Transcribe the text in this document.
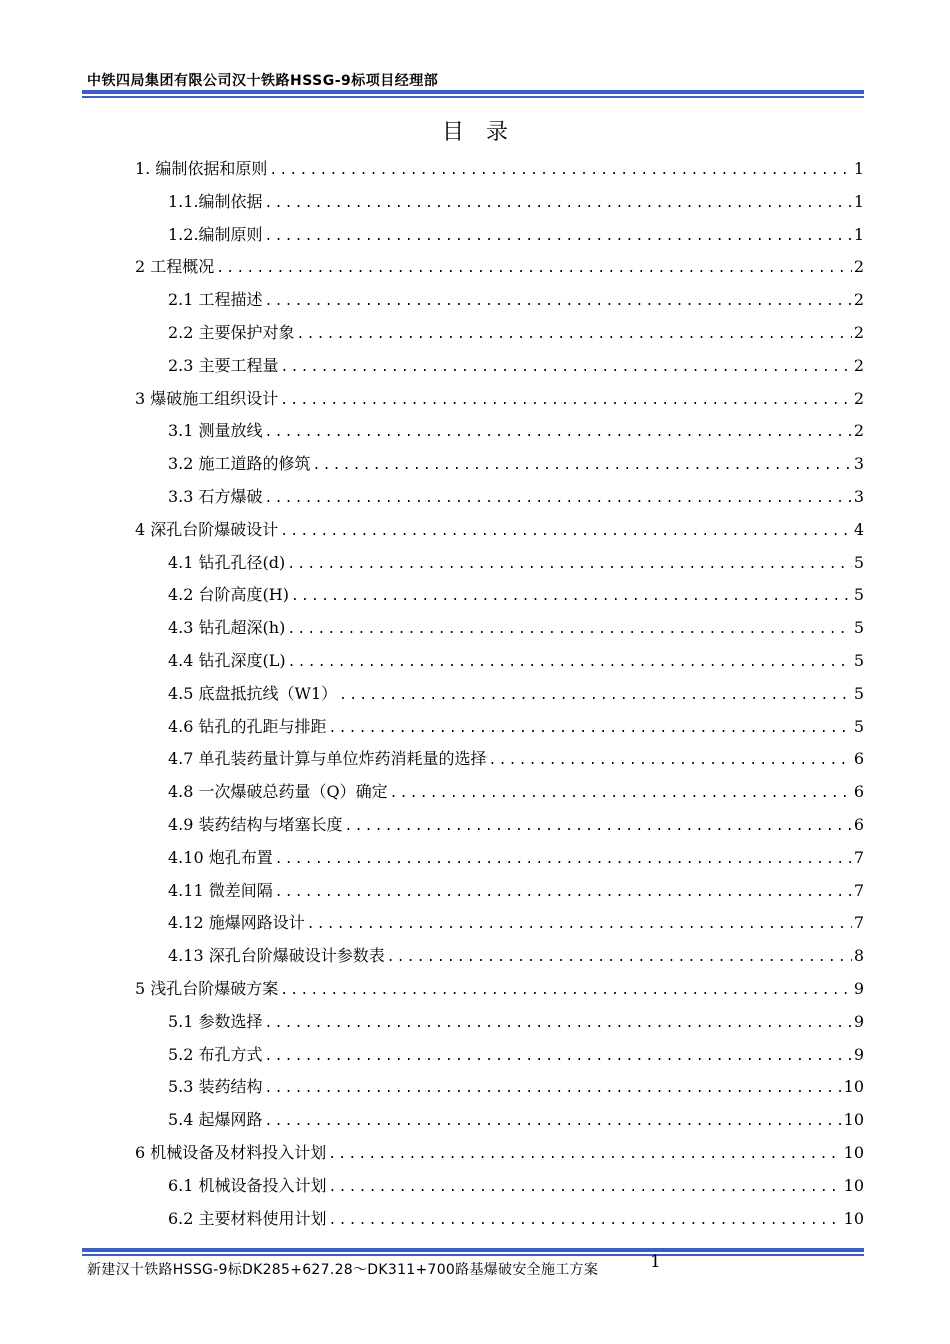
中铁四局集团有限公司汉十铁路HSSG-9标项目经理部
目录
1. 编制依据和原则 .....	1
1.1.编制依据 .....	1
1.2.编制原则 .....	1
2 工程概况 .....	2
2.1 工程描述 .....	2
2.2 主要保护对象 .....	2
2.3 主要工程量 .....	2
3 爆破施工组织设计 .....	2
3.1 测量放线 .....	2
3.2 施工道路的修筑 .....	3
3.3 石方爆破 .....	3
4 深孔台阶爆破设计 .....	4
4.1 钻孔孔径(d) .....	5
4.2 台阶高度(H) .....	5
4.3 钻孔超深(h) .....	5
4.4 钻孔深度(L) .....	5
4.5 底盘抵抗线（W1） .....	5
4.6 钻孔的孔距与排距 .....	5
4.7 单孔装药量计算与单位炸药消耗量的选择 .....	6
4.8 一次爆破总药量（Q）确定 .....	6
4.9 装药结构与堵塞长度 .....	6
4.10 炮孔布置 .....	7
4.11 微差间隔 .....	7
4.12 施爆网路设计 .....	7
4.13 深孔台阶爆破设计参数表 .....	8
5 浅孔台阶爆破方案 .....	9
5.1 参数选择 .....	9
5.2 布孔方式 .....	9
5.3 装药结构 .....	10
5.4 起爆网路 .....	10
6 机械设备及材料投入计划 .....	10
6.1 机械设备投入计划 .....	10
6.2 主要材料使用计划 .....	10
新建汉十铁路HSSG-9标DK285+627.28～DK311+700路基爆破安全施工方案	1
